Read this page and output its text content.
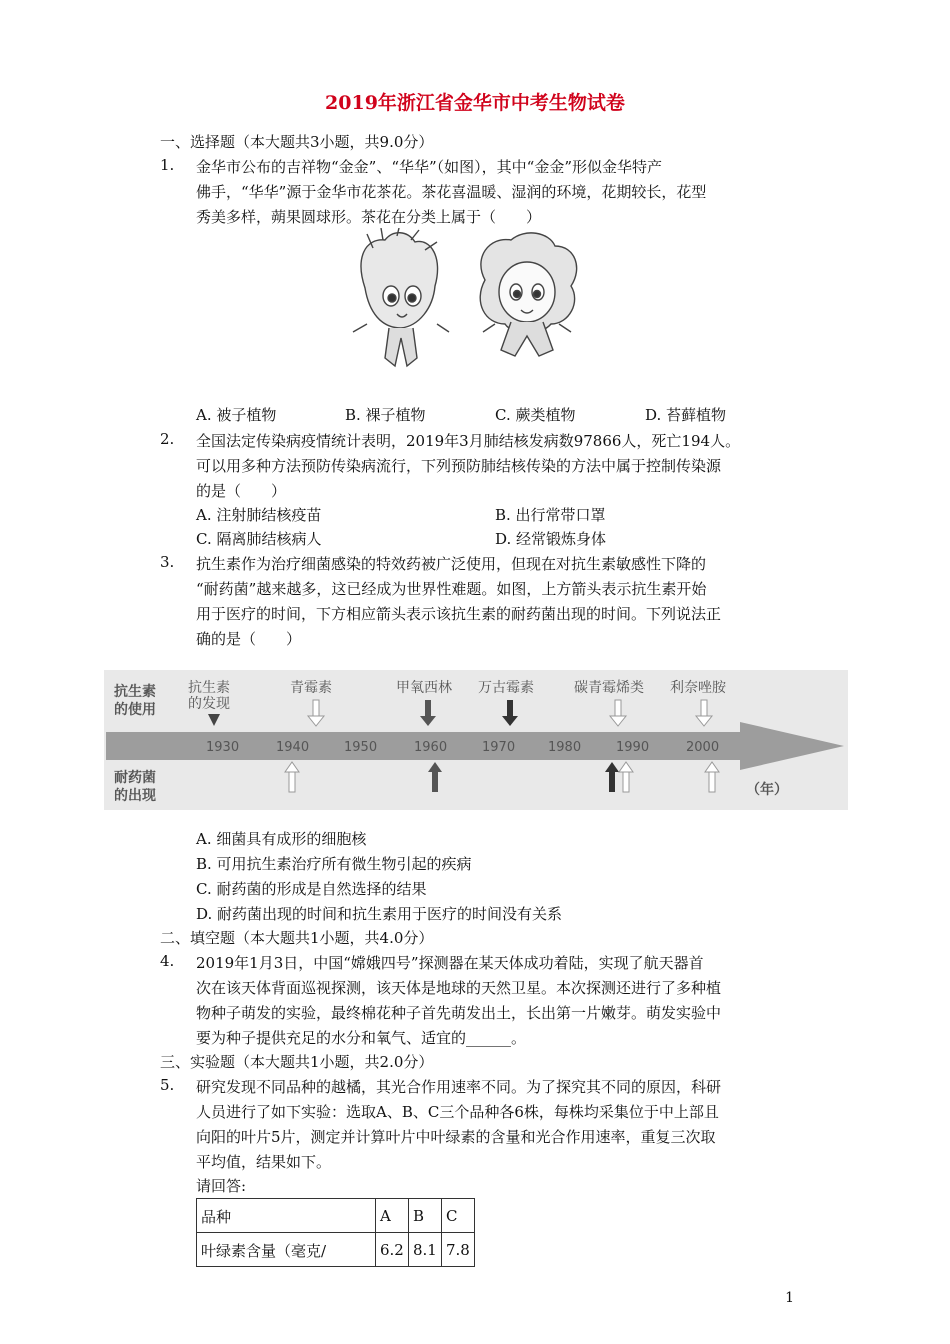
2019年浙江省金华市中考生物试卷
一、选择题（本大题共3小题，共9.0分）
1. 金华市公布的吉祥物“金金”、“华华”（如图），其中“金金”形似金华特产
佛手，“华华”源于金华市花茶花。茶花喜温暖、湿润的环境，花期较长，花型
秀美多样，蒴果圆球形。茶花在分类上属于（　　）
A. 被子植物	B. 裸子植物	C. 蕨类植物	D. 苔藓植物
2. 全国法定传染病疫情统计表明，2019年3月肺结核发病数97866人，死亡194人。
可以用多种方法预防传染病流行，下列预防肺结核传染的方法中属于控制传染源
的是（　　）
A. 注射肺结核疫苗	B. 出行常带口罩
C. 隔离肺结核病人	D. 经常锻炼身体
3. 抗生素作为治疗细菌感染的特效药被广泛使用，但现在对抗生素敏感性下降的
“耐药菌”越来越多，这已经成为世界性难题。如图，上方箭头表示抗生素开始
用于医疗的时间，下方相应箭头表示该抗生素的耐药菌出现的时间。下列说法正
确的是（　　）
抗生素
的使用
耐药菌
的出现
抗生素
的发现
1930	1940	1950	1960	1970	1980	1990	2000
青霉素	甲氧西林 万古霉素	碳青霉烯类 利奈唑胺
（年）
A. 细菌具有成形的细胞核
B. 可用抗生素治疗所有微生物引起的疾病
C. 耐药菌的形成是自然选择的结果
D. 耐药菌出现的时间和抗生素用于医疗的时间没有关系
二、填空题（本大题共1小题，共4.0分）
4. 2019年1月3日，中国“嫦娥四号”探测器在某天体成功着陆，实现了航天器首
次在该天体背面巡视探测，该天体是地球的天然卫星。本次探测还进行了多种植
物种子萌发的实验，最终棉花种子首先萌发出土，长出第一片嫩芽。萌发实验中
要为种子提供充足的水分和氧气、适宜的______。
三、实验题（本大题共1小题，共2.0分）
5. 研究发现不同品种的越橘，其光合作用速率不同。为了探究其不同的原因，科研
人员进行了如下实验：选取A、B、C三个品种各6株，每株均采集位于中上部且
向阳的叶片5片，测定并计算叶片中叶绿素的含量和光合作用速率，重复三次取
平均值，结果如下。
请回答:
品种	A	B	C
叶绿素含量（毫克/	6.2	8.1	7.8
1
